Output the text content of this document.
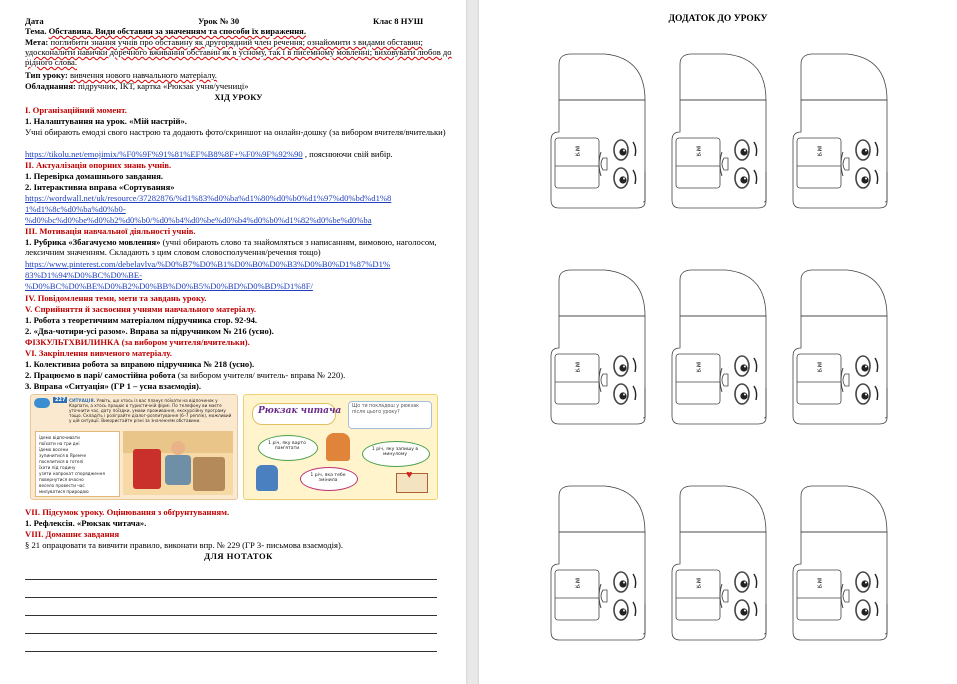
Дата	Урок № 30	Клас 8 НУШ
Тема. Обставина. Види обставин за значенням та способи їх вираження.
Мета: поглибити знання учнів про обставину як другорядний член речення; ознайомити з видами обставин; удосконалити навички доречного вживання обставин як в усному, так і в писемному мовленні; виховувати любов до рідного слова.
Тип уроку: вивчення нового навчального матеріалу.
Обладнання: підручник, ІКТ, картка «Рюкзак учня/учениці»
ХІД УРОКУ
І. Організаційний момент.
1. Налаштування на урок. «Мій настрій».
Учні обирають емодзі свого настрою та додають фото/скриншот на онлайн-дошку (за вибором вчителя/вчительки)
https://tikolu.net/emojimix/%F0%9F%91%81%EF%B8%8F+%F0%9F%92%90 , пояснюючи свій вибір.
ІІ. Актуалізація опорних знань учнів.
1. Перевірка домашнього завдання.
2. Інтерактивна вправа «Сортування»
https://wordwall.net/uk/resource/37282876/%d1%83%d0%ba%d1%80%d0%b0%d1%97%d0%bd%d1%8
1%d1%8c%d0%ba%d0%b0-
%d0%bc%d0%be%d0%b2%d0%b0/%d0%b4%d0%be%d0%b4%d0%b0%d1%82%d0%be%d0%ba
ІІІ. Мотивація навчальної діяльності учнів.
1. Рубрика «Збагачуємо мовлення» (учні обирають слово та знайомляться з написанням, вимовою, наголосом, лексичним значенням. Складають з цим словом словосполучення/речення тощо)
https://www.pinterest.com/debelavlva/%D0%B7%D0%B1%D0%B0%D0%B3%D0%B0%D1%87%D1%
83%D1%94%D0%BC%D0%BE-
%D0%BC%D0%BE%D0%B2%D0%BB%D0%B5%D0%BD%D0%BD%D1%8F/
IV. Повідомлення теми, мети та завдань уроку.
V. Сприйняття й засвоєння учнями навчального матеріалу.
1. Робота з теоретичним матеріалом підручника стор. 92-94.
2. «Два-чотири-усі разом». Вправа за підручником № 216 (усно).
ФІЗКУЛЬТХВИЛИНКА (за вибором учителя/вчительки).
VI. Закріплення вивченого матеріалу.
1. Колективна робота за вправою підручника № 218 (усно).
2. Працюємо в парі/ самостійна робота (за вибором учителя/ вчитель- вправа № 220).
3. Вправа «Ситуація» (ГР 1 – усна взаємодія).
227 СИТУАЦІЯ. Уявіть, що хтось із вас планує поїхати на відпочинок у Карпати, а хтось працює в туристичній фірмі. По телефону ви маєте уточнити час, дату поїздки, умови проживання, екскурсійну програму тощо. Складіть і розіграйте діалог-розпитування (6–7 реплік), можливий у цій ситуації. Використайте різні за значенням обставини.
їдемо відпочивати
поїхати на три дні
їдемо восени
зупинитися в Яремче
поселитися в готелі
їхати під годину
узяти напрокат спорядження
повернутися вчасно
весело провести час
милуватися природою
Рюкзак читача Що ти покладеш у рюкзак після цього уроку?
1 річ, яку варто пам'ятати	1 річ, яку запишу в минулому
1 річ, яка тебе змінила	♥
VII. Підсумок уроку. Оцінювання з обґрунтуванням.
1. Рефлексія. «Рюкзак читача».
VIII. Домашнє завдання
§ 21 опрацювати та вивчити правило, виконати впр. № 229 (ГР 3- письмова взаємодія).
ДЛЯ НОТАТОК
ДОДАТОК ДО УРОКУ
ІМ'Я	ІМ'Я	ІМ'Я
ІМ'Я	ІМ'Я	ІМ'Я
ІМ'Я	ІМ'Я	ІМ'Я
